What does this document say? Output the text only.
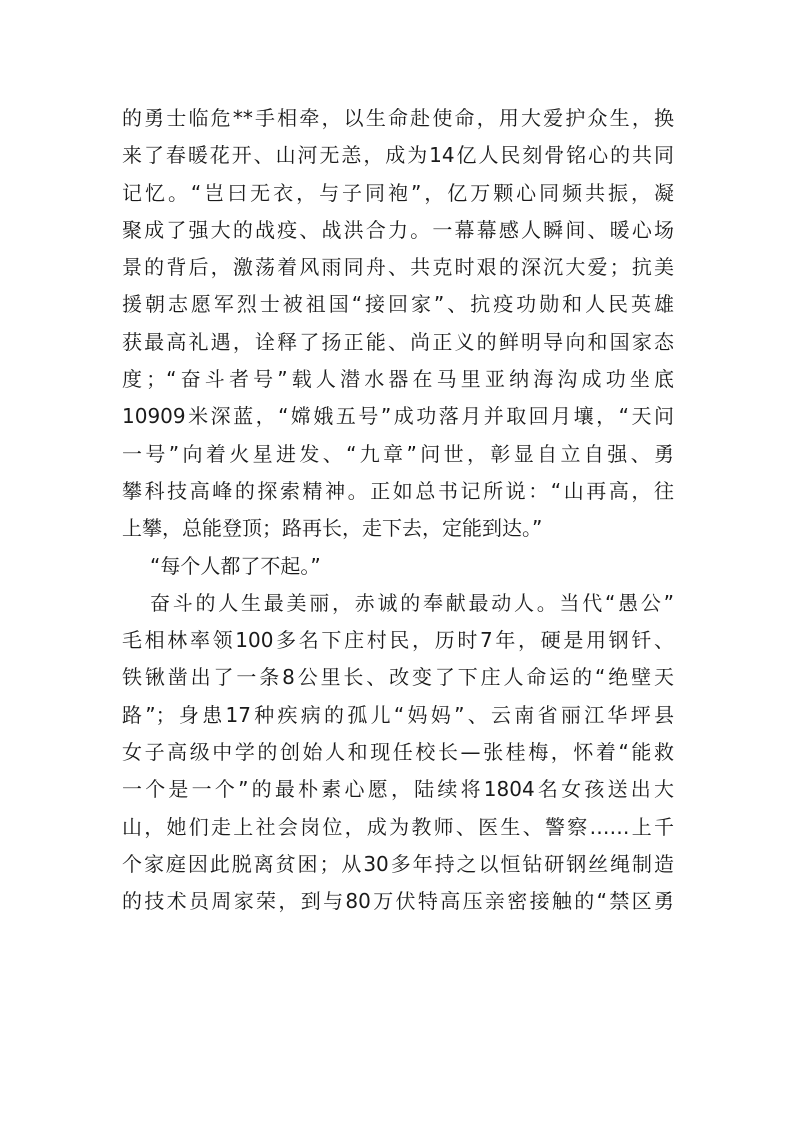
的勇士临危**手相牵，以生命赴使命，用大爱护众生，换
来了春暖花开、山河无恙，成为14亿人民刻骨铭心的共同
记忆。“岂曰无衣，与子同袍”，亿万颗心同频共振，凝
聚成了强大的战疫、战洪合力。一幕幕感人瞬间、暖心场
景的背后，激荡着风雨同舟、共克时艰的深沉大爱；抗美
援朝志愿军烈士被祖国“接回家”、抗疫功勋和人民英雄
获最高礼遇，诠释了扬正能、尚正义的鲜明导向和国家态
度；“奋斗者号”载人潜水器在马里亚纳海沟成功坐底
10909米深蓝，“嫦娥五号”成功落月并取回月壤，“天问
一号”向着火星进发、“九章”问世，彰显自立自强、勇
攀科技高峰的探索精神。正如总书记所说：“山再高，往
上攀，总能登顶；路再长，走下去，定能到达。”
“每个人都了不起。”
奋斗的人生最美丽，赤诚的奉献最动人。当代“愚公”
毛相林率领100多名下庄村民，历时7年，硬是用钢钎、
铁锹凿出了一条8公里长、改变了下庄人命运的“绝壁天
路”；身患17种疾病的孤儿“妈妈”、云南省丽江华坪县
女子高级中学的创始人和现任校长—张桂梅，怀着“能救
一个是一个”的最朴素心愿，陆续将1804名女孩送出大
山，她们走上社会岗位，成为教师、医生、警察……上千
个家庭因此脱离贫困；从30多年持之以恒钻研钢丝绳制造
的技术员周家荣，到与80万伏特高压亲密接触的“禁区勇
